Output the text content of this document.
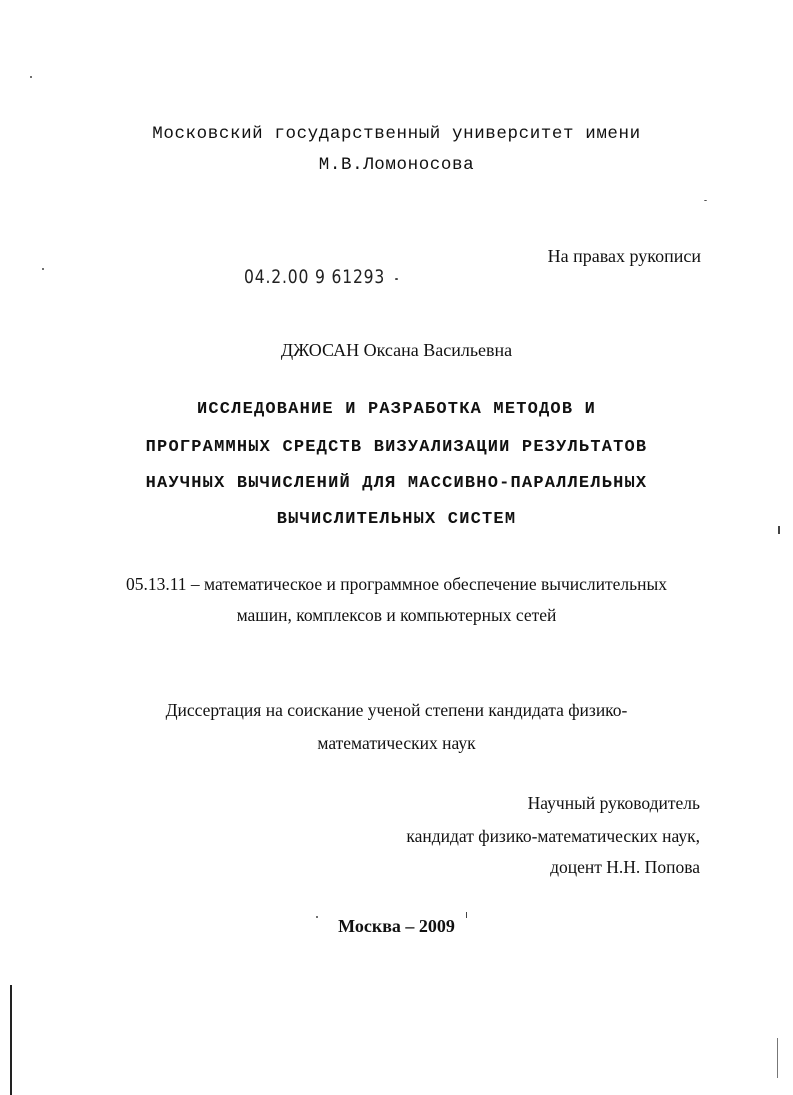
Московский государственный университет имени
М.В.Ломоносова
На правах рукописи
04.2.00 9 61293
ДЖОСАН Оксана Васильевна
ИССЛЕДОВАНИЕ И РАЗРАБОТКА МЕТОДОВ И
ПРОГРАММНЫХ СРЕДСТВ ВИЗУАЛИЗАЦИИ РЕЗУЛЬТАТОВ
НАУЧНЫХ ВЫЧИСЛЕНИЙ ДЛЯ МАССИВНО-ПАРАЛЛЕЛЬНЫХ
ВЫЧИСЛИТЕЛЬНЫХ СИСТЕМ
05.13.11 – математическое и программное обеспечение вычислительных
машин, комплексов и компьютерных сетей
Диссертация на соискание ученой степени кандидата физико-
математических наук
Научный руководитель
кандидат физико-математических наук,
доцент Н.Н. Попова
Москва – 2009
